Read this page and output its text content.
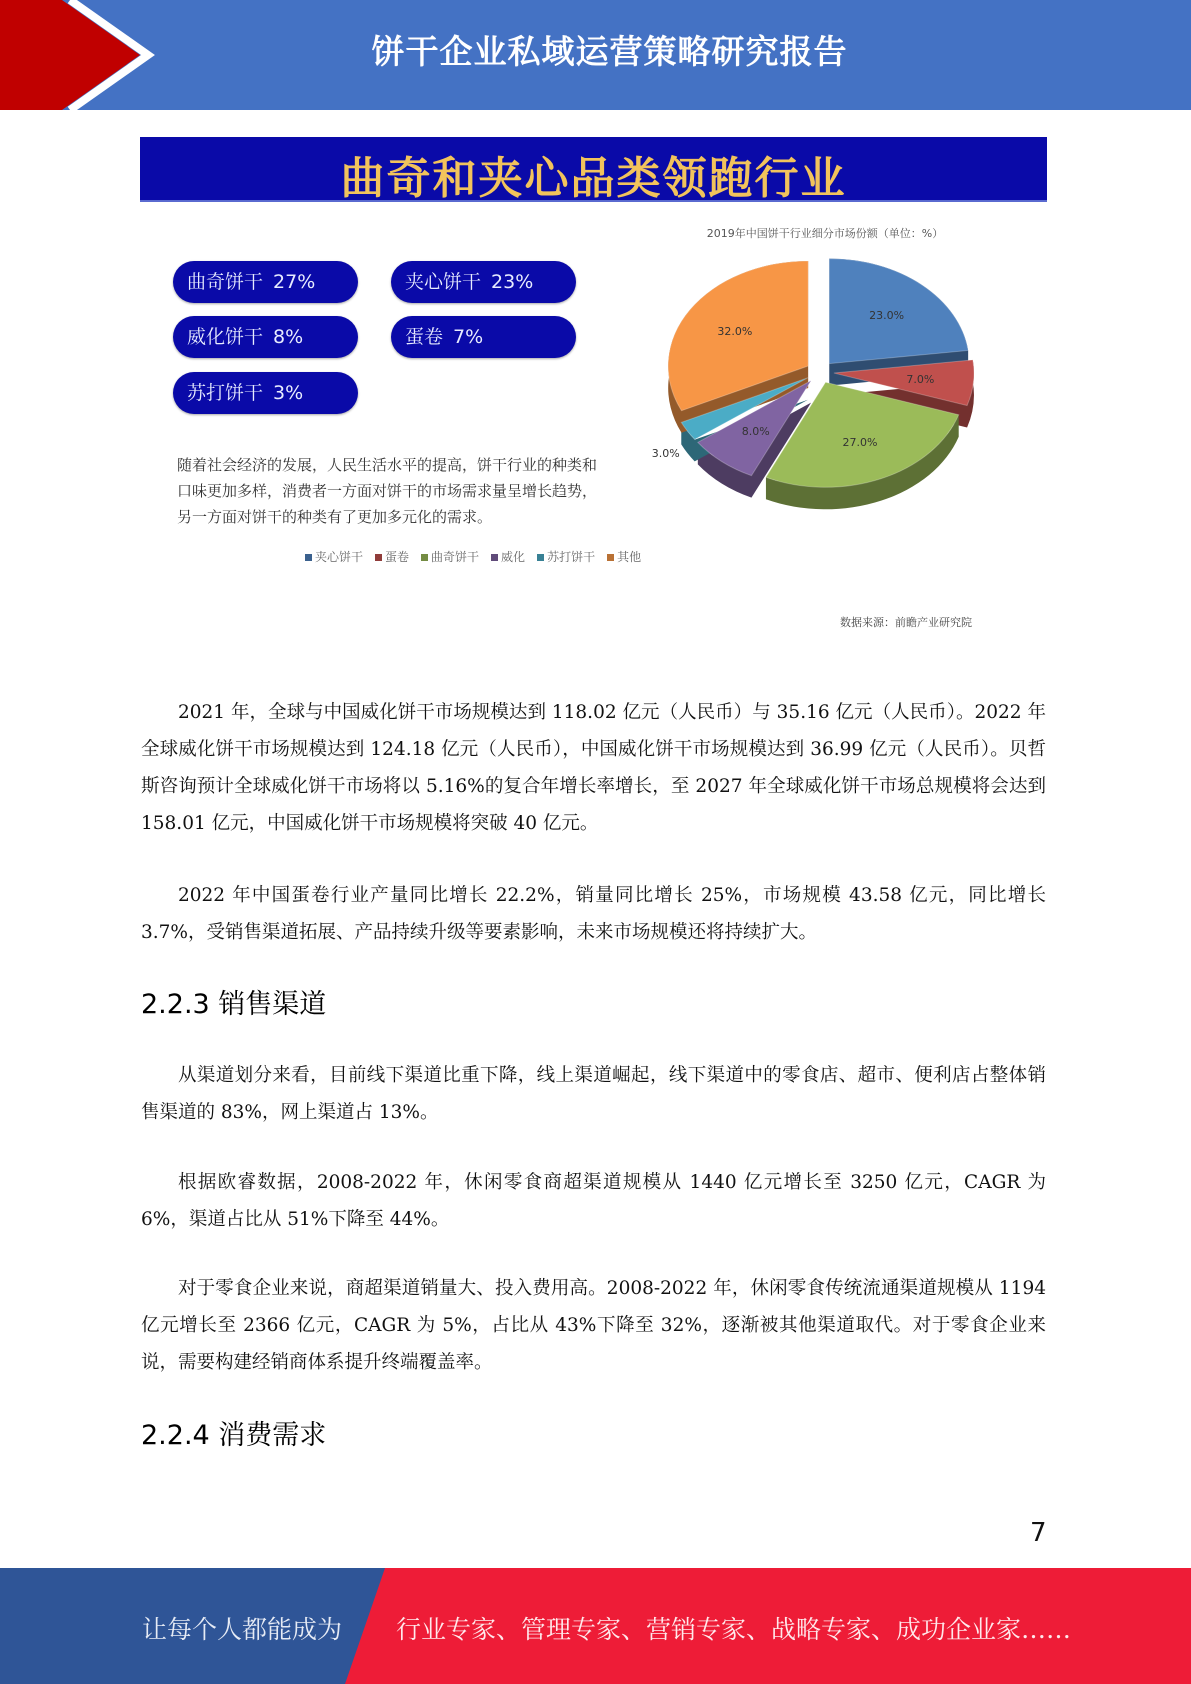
饼干企业私域运营策略研究报告
曲奇和夹心品类领跑行业
曲奇饼干 27%	夹心饼干 23%
威化饼干 8%	蛋卷 7%
苏打饼干 3%
随着社会经济的发展，人民生活水平的提高，饼干行业的种类和口味更加多样，消费者一方面对饼干的市场需求量呈增长趋势，另一方面对饼干的种类有了更加多元化的需求。
2019年中国饼干行业细分市场份额（单位：%）
23.0%
7.0%
27.0%
8.0%
3.0%
32.0%
夹心饼干 蛋卷 曲奇饼干 威化 苏打饼干 其他
数据来源：前瞻产业研究院
2021 年，全球与中国威化饼干市场规模达到 118.02 亿元（人民币）与 35.16 亿元（人民币）。2022 年全球威化饼干市场规模达到 124.18 亿元（人民币），中国威化饼干市场规模达到 36.99 亿元（人民币）。贝哲斯咨询预计全球威化饼干市场将以 5.16%的复合年增长率增长，至 2027 年全球威化饼干市场总规模将会达到 158.01 亿元，中国威化饼干市场规模将突破 40 亿元。
2022 年中国蛋卷行业产量同比增长 22.2%，销量同比增长 25%，市场规模 43.58 亿元，同比增长 3.7%，受销售渠道拓展、产品持续升级等要素影响，未来市场规模还将持续扩大。
2.2.3 销售渠道
从渠道划分来看，目前线下渠道比重下降，线上渠道崛起，线下渠道中的零食店、超市、便利店占整体销售渠道的 83%，网上渠道占 13%。
根据欧睿数据，2008-2022 年，休闲零食商超渠道规模从 1440 亿元增长至 3250 亿元，CAGR 为 6%，渠道占比从 51%下降至 44%。
对于零食企业来说，商超渠道销量大、投入费用高。2008-2022 年，休闲零食传统流通渠道规模从 1194 亿元增长至 2366 亿元，CAGR 为 5%，占比从 43%下降至 32%，逐渐被其他渠道取代。对于零食企业来说，需要构建经销商体系提升终端覆盖率。
2.2.4 消费需求
7
让每个人都能成为 行业专家、管理专家、营销专家、战略专家、成功企业家……
